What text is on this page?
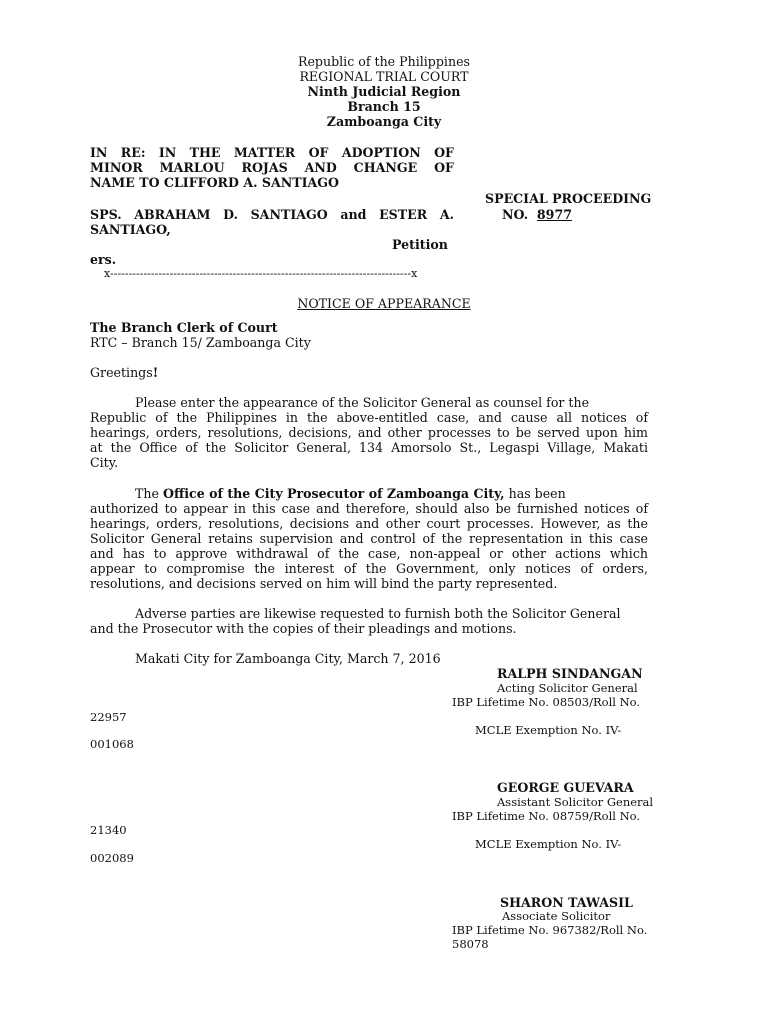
Republic of the Philippines
REGIONAL TRIAL COURT
Ninth Judicial Region
Branch 15
Zamboanga City
IN RE: IN THE MATTER OF ADOPTION OF
MINOR MARLOU ROJAS AND CHANGE OF
NAME TO CLIFFORD A. SANTIAGO
SPECIAL PROCEEDING
NO. 8977
SPS. ABRAHAM D. SANTIAGO and ESTER A.
SANTIAGO,
Petition
ers.
x---------------------------------------------------------------------------------x
NOTICE OF APPEARANCE
The Branch Clerk of Court
RTC – Branch 15/ Zamboanga City
Greetings!
Please enter the appearance of the Solicitor General as counsel for the
Republic of the Philippines in the above-entitled case, and cause all notices of
hearings, orders, resolutions, decisions, and other processes to be served upon him
at the Office of the Solicitor General, 134 Amorsolo St., Legaspi Village, Makati
City.
The Office of the City Prosecutor of Zamboanga City, has been
authorized to appear in this case and therefore, should also be furnished notices of
hearings, orders, resolutions, decisions and other court processes. However, as the
Solicitor General retains supervision and control of the representation in this case
and has to approve withdrawal of the case, non-appeal or other actions which
appear to compromise the interest of the Government, only notices of orders,
resolutions, and decisions served on him will bind the party represented.
Adverse parties are likewise requested to furnish both the Solicitor General
and the Prosecutor with the copies of their pleadings and motions.
Makati City for Zamboanga City, March 7, 2016
RALPH SINDANGAN
Acting Solicitor General
IBP Lifetime No. 08503/Roll No.
22957
MCLE Exemption No. IV-
001068
GEORGE GUEVARA
Assistant Solicitor General
IBP Lifetime No. 08759/Roll No.
21340
MCLE Exemption No. IV-
002089
SHARON TAWASIL
Associate Solicitor
IBP Lifetime No. 967382/Roll No.
58078
